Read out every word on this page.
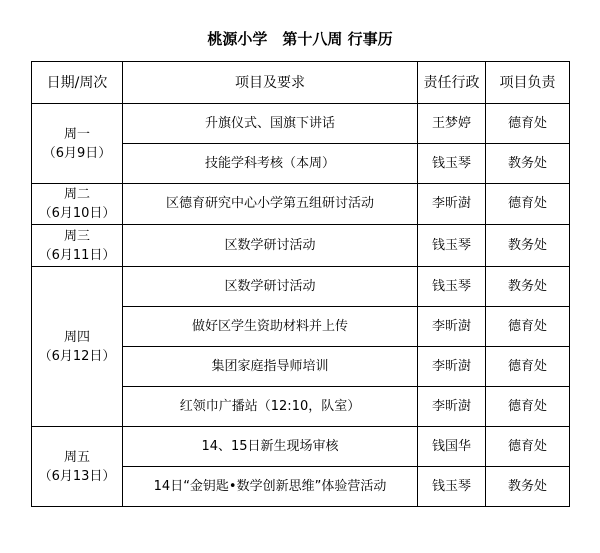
桃源小学　第十八周 行事历
日期/周次	项目及要求	责任行政	项目负责

周一
（6月9日）	升旗仪式、国旗下讲话	王梦婷	德育处
	技能学科考核（本周）	钱玉琴	教务处

周二
（6月10日）	区德育研究中心小学第五组研讨活动	李昕澍	德育处

周三
（6月11日）	区数学研讨活动	钱玉琴	教务处

周四
（6月12日）	区数学研讨活动	钱玉琴	教务处
	做好区学生资助材料并上传	李昕澍	德育处
	集团家庭指导师培训	李昕澍	德育处
	红领巾广播站（12:10，队室）	李昕澍	德育处

周五
（6月13日）	14、15日新生现场审核	钱国华	德育处
	14日“金钥匙•数学创新思维”体验营活动	钱玉琴	教务处
